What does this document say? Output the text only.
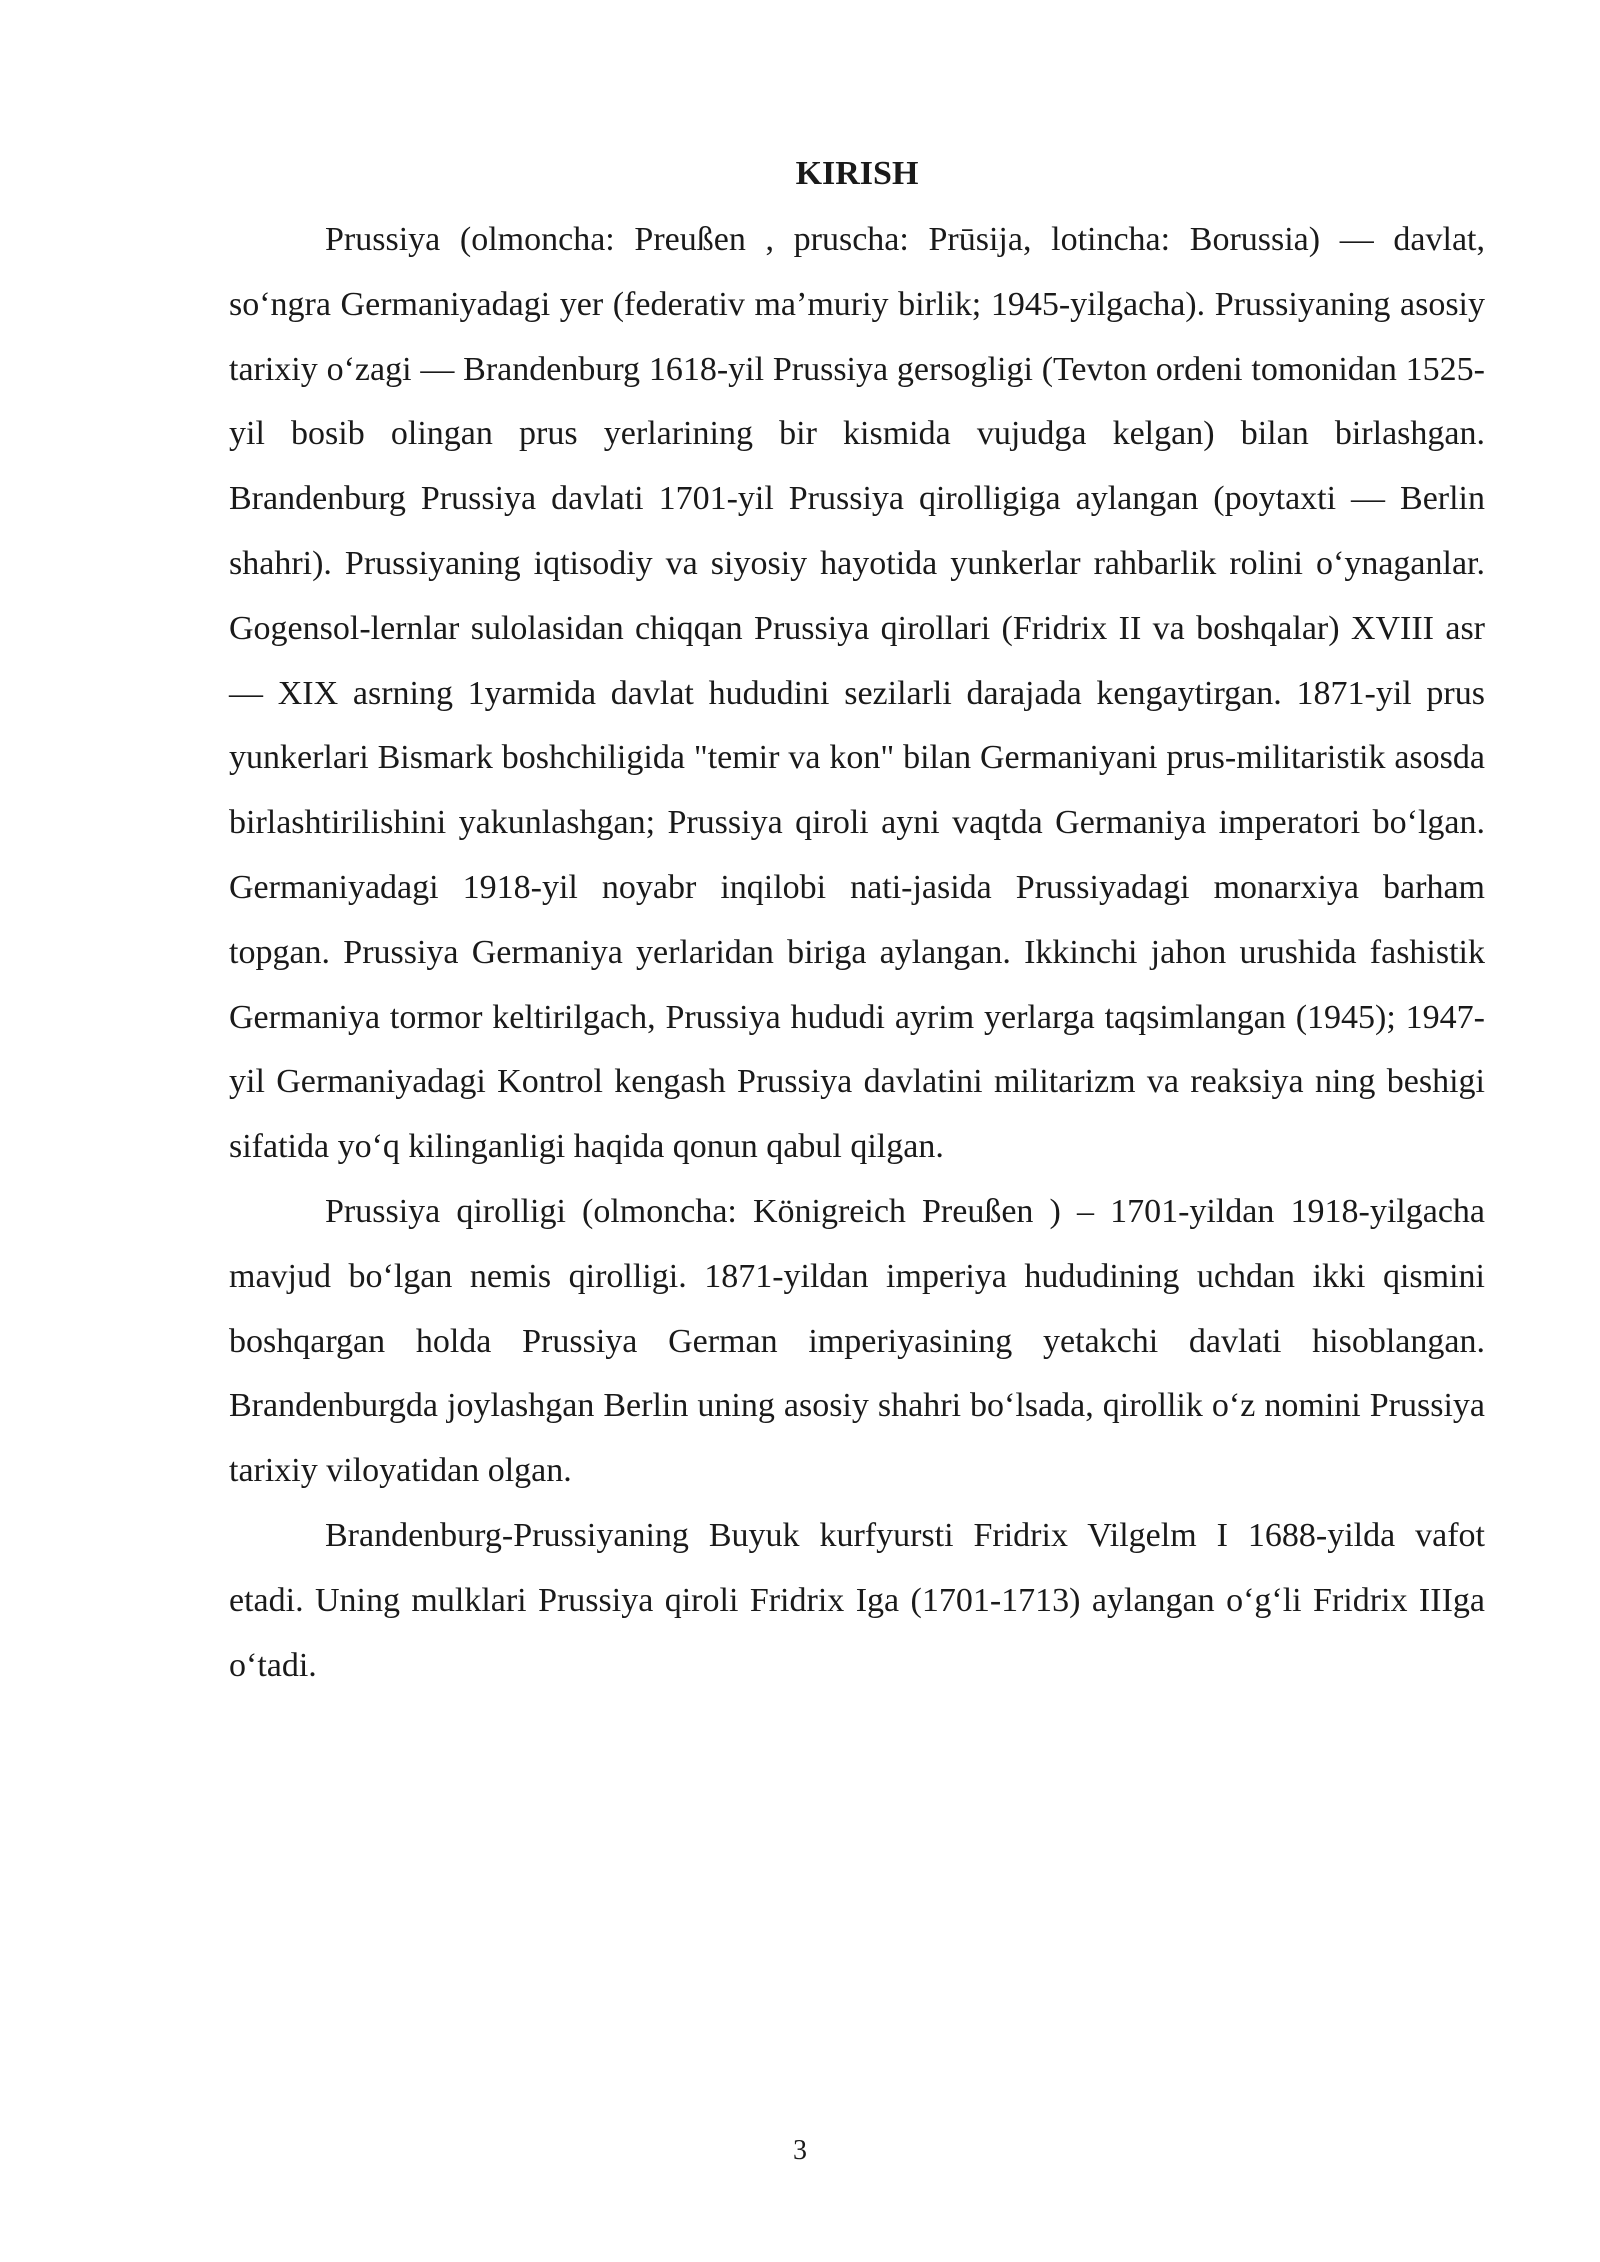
KIRISH

Prussiya (olmoncha: Preußen , pruscha: Prūsija, lotincha: Borussia) — davlat, so‘ngra Germaniyadagi yer (federativ ma’muriy birlik; 1945-yilgacha). Prussiyaning asosiy tarixiy o‘zagi — Brandenburg 1618-yil Prussiya gersogligi (Tevton ordeni tomonidan 1525-yil bosib olingan prus yerlarining bir kismida vujudga kelgan) bilan birlashgan. Brandenburg Prussiya davlati 1701-yil Prussiya qirolligiga aylangan (poytaxti — Berlin shahri). Prussiyaning iqtisodiy va siyosiy hayotida yunkerlar rahbarlik rolini o‘ynaganlar. Gogensol-lernlar sulolasidan chiqqan Prussiya qirollari (Fridrix II va boshqalar) XVIII asr — XIX asrning 1yarmida davlat hududini sezilarli darajada kengaytirgan. 1871-yil prus yunkerlari Bismark boshchiligida "temir va kon" bilan Germaniyani prus-militaristik asosda birlashtirilishini yakunlashgan; Prussiya qiroli ayni vaqtda Germaniya imperatori bo‘lgan. Germaniyadagi 1918-yil noyabr inqilobi nati-jasida Prussiyadagi monarxiya barham topgan. Prussiya Germaniya yerlaridan biriga aylangan. Ikkinchi jahon urushida fashistik Germaniya tormor keltirilgach, Prussiya hududi ayrim yerlarga taqsimlangan (1945); 1947-yil Germaniyadagi Kontrol kengash Prussiya davlatini militarizm va reaksiya ning beshigi sifatida yo‘q kilinganligi haqida qonun qabul qilgan.

Prussiya qirolligi (olmoncha: Königreich Preußen ) – 1701-yildan 1918-yilgacha mavjud bo‘lgan nemis qirolligi. 1871-yildan imperiya hududining uchdan ikki qismini boshqargan holda Prussiya German imperiyasining yetakchi davlati hisoblangan. Brandenburgda joylashgan Berlin uning asosiy shahri bo‘lsada, qirollik o‘z nomini Prussiya tarixiy viloyatidan olgan.

Brandenburg-Prussiyaning Buyuk kurfyursti Fridrix Vilgelm I 1688-yilda vafot etadi. Uning mulklari Prussiya qiroli Fridrix Iga (1701-1713) aylangan o‘g‘li Fridrix IIIga o‘tadi.

3
